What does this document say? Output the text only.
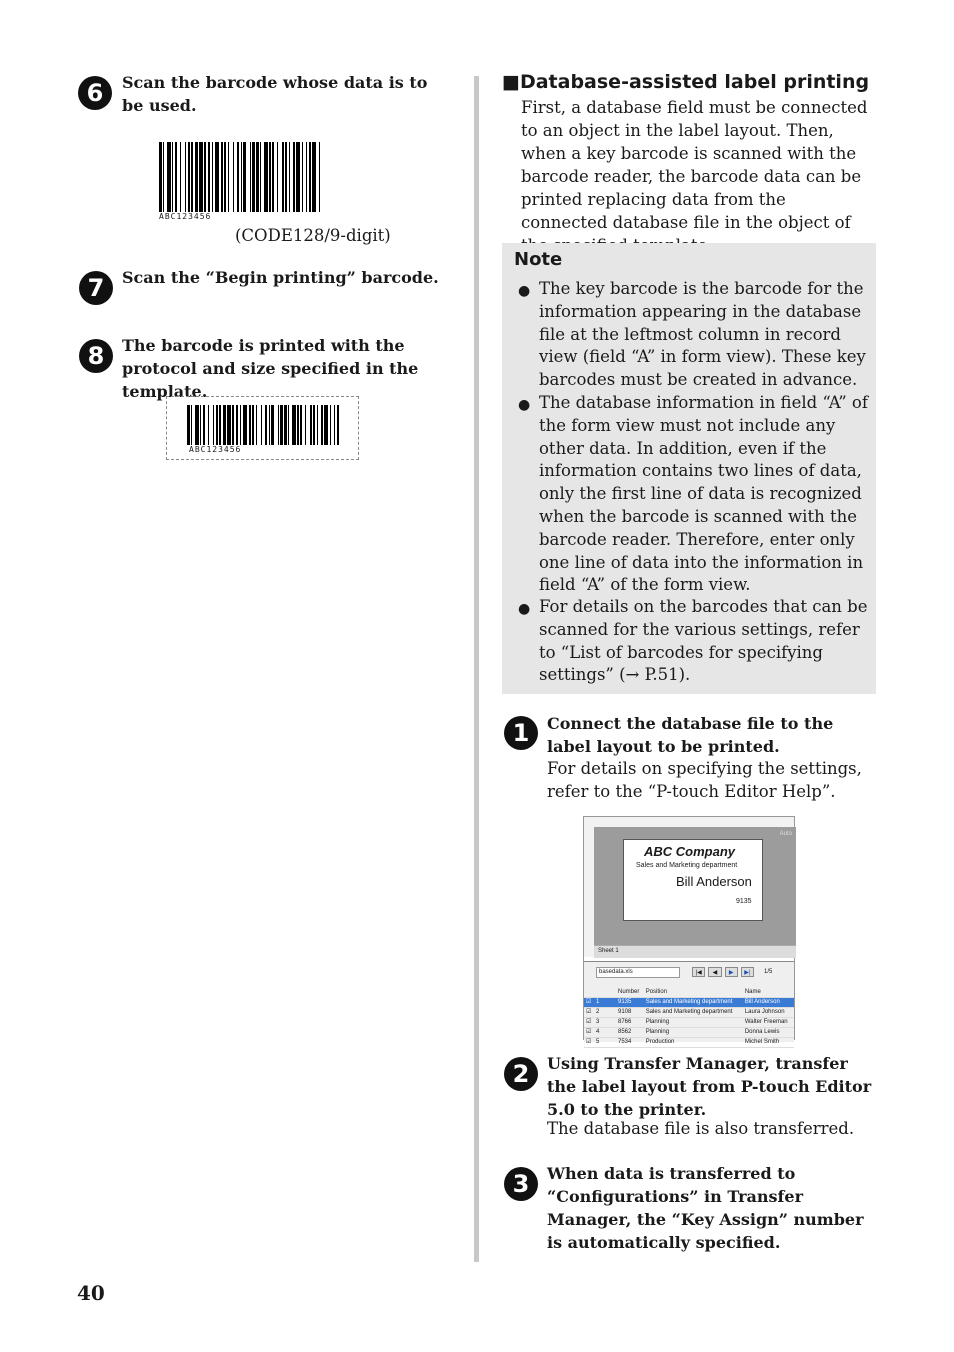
6	Scan the barcode whose data is to be used.
ABC123456
(CODE128/9-digit)
7	Scan the “Begin printing” barcode.
8	The barcode is printed with the protocol and size specified in the template.
ABC123456
■Database-assisted label printing
First, a database field must be connected to an object in the label layout. Then, when a key barcode is scanned with the barcode reader, the barcode data can be printed replacing data from the connected database file in the object of
Note
● The key barcode is the barcode for the information appearing in the database file at the leftmost column in record view (field “A” in form view). These key barcodes must be created in advance.
● The database information in field “A” of the form view must not include any other data. In addition, even if the information contains two lines of data, only the first line of data is recognized when the barcode is scanned with the barcode reader. Therefore, enter only one line of data into the information in field “A” of the form view.
● For details on the barcodes that can be scanned for the various settings, refer to “List of barcodes for specifying settings” (→ P.51).
1	Connect the database file to the label layout to be printed.
For details on specifying the settings, refer to the “P-touch Editor Help”.
Auto
ABC Company
Sales and Marketing department
Bill Anderson
9135
Sheet 1
basedata.xls	|◀	◀	▶	▶|	1/5
		Number	Position	Name
☑	1	9135	Sales and Marketing department	Bill Anderson
☑	2	9108	Sales and Marketing department	Laura Johnson
☑	3	8766	Planning	Walter Freeman
☑	4	8562	Planning	Donna Lewis
☑	5	7534	Production	Michel Smith
2	Using Transfer Manager, transfer the label layout from P-touch Editor 5.0 to the printer.
The database file is also transferred.
3	When data is transferred to “Configurations” in Transfer Manager, the “Key Assign” number is automatically specified.
40
